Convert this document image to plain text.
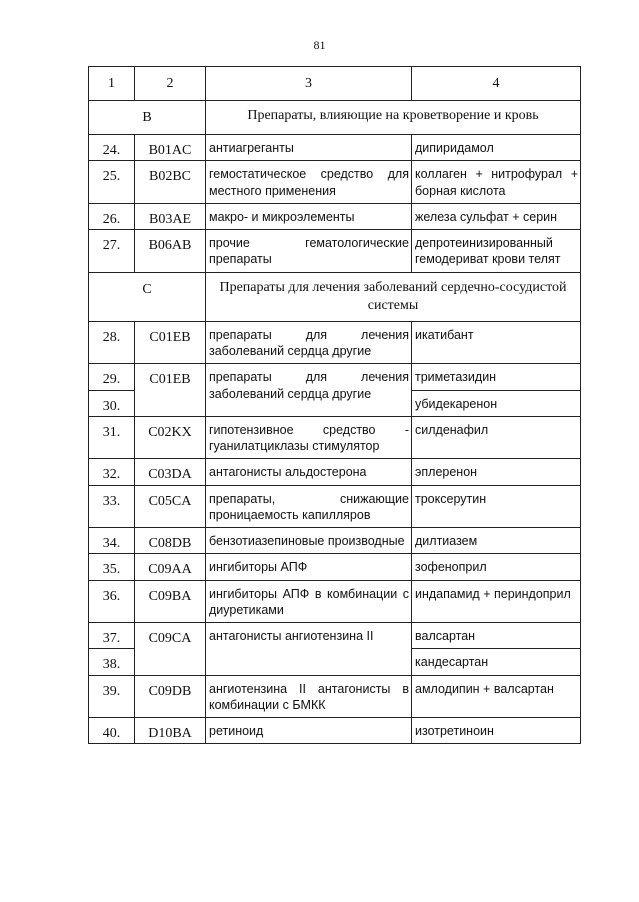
81
1	2	3	4
B		Препараты, влияющие на кроветворение и кровь	
24.	B01AC	антиагреганты	дипиридамол
25.	B02BC	гемостатическое средство для местного применения	коллаген + нитрофурал + борная кислота
26.	B03AE	макро- и микроэлементы	железа сульфат + серин
27.	B06AB	прочие гематологические препараты	депротеинизированный гемодериват крови телят
C		Препараты для лечения заболеваний сердечно-сосудистой системы	
28.	C01EB	препараты для лечения заболеваний сердца другие	икатибант
29.	C01EB	препараты для лечения заболеваний сердца другие	триметазидин
30.			убидекаренон
31.	C02KX	гипотензивное средство - гуанилатциклазы стимулятор	силденафил
32.	C03DA	антагонисты альдостерона	эплеренон
33.	C05CA	препараты, снижающие проницаемость капилляров	троксерутин
34.	C08DB	бензотиазепиновые производные	дилтиазем
35.	C09AA	ингибиторы АПФ	зофеноприл
36.	C09BA	ингибиторы АПФ в комбинации с диуретиками	индапамид + периндоприл
37.	C09CA	антагонисты ангиотензина II	валсартан
38.			кандесартан
39.	C09DB	ангиотензина II антагонисты в комбинации с БМКК	амлодипин + валсартан
40.	D10BA	ретиноид	изотретиноин
